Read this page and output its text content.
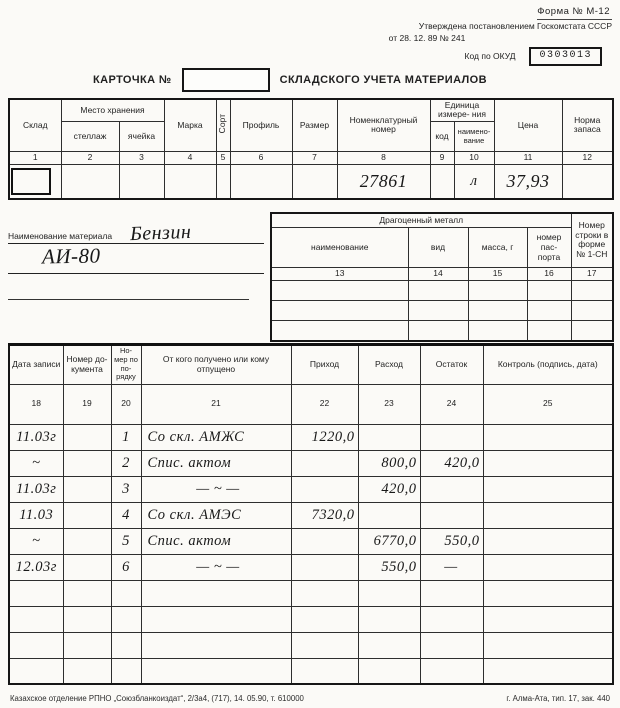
Форма № М-12
Утверждена постановлением Госкомстата СССР
от 28. 12. 89 № 241
Код по ОКУД	0303013
КАРТОЧКА №	СКЛАДСКОГО УЧЕТА МАТЕРИАЛОВ
Склад	Место хранения		Марка	Сорт	Профиль	Размер	Номенклатурный номер	Единица измере- ния		Цена	Норма запаса
	стеллаж	ячейка						код	наимено- вание		
1	2	3	4	5	6	7	8	9	10	11	12

							27861		л	37,93	
Наименование материала Бензин
АИ-80
Драгоценный металл				Номер строки в форме № 1-СН
наименование	вид	масса, г	номер пас- порта	
13	14	15	16	17

Дата записи	Номер до- кумента	Но- мер по по- рядку	От кого получено или кому отпущено	Приход	Расход	Остаток	Контроль (подпись, дата)
18	19	20	21	22	23	24	25
11.03г		1	Со скл. АМЖС	1220,0			
~		2	Спис. актом		800,0	420,0	
11.03г		3	— ~ —		420,0		
11.03		4	Со скл. АМЭС	7320,0			
~		5	Спис. актом		6770,0	550,0	
12.03г		6	— ~ —		550,0	—	

Казахское отделение РПНО „Союзбланкоиздат“, 2/3а4, (717), 14. 05.90, т. 610000	г. Алма-Ата, тип. 17, зак. 440
